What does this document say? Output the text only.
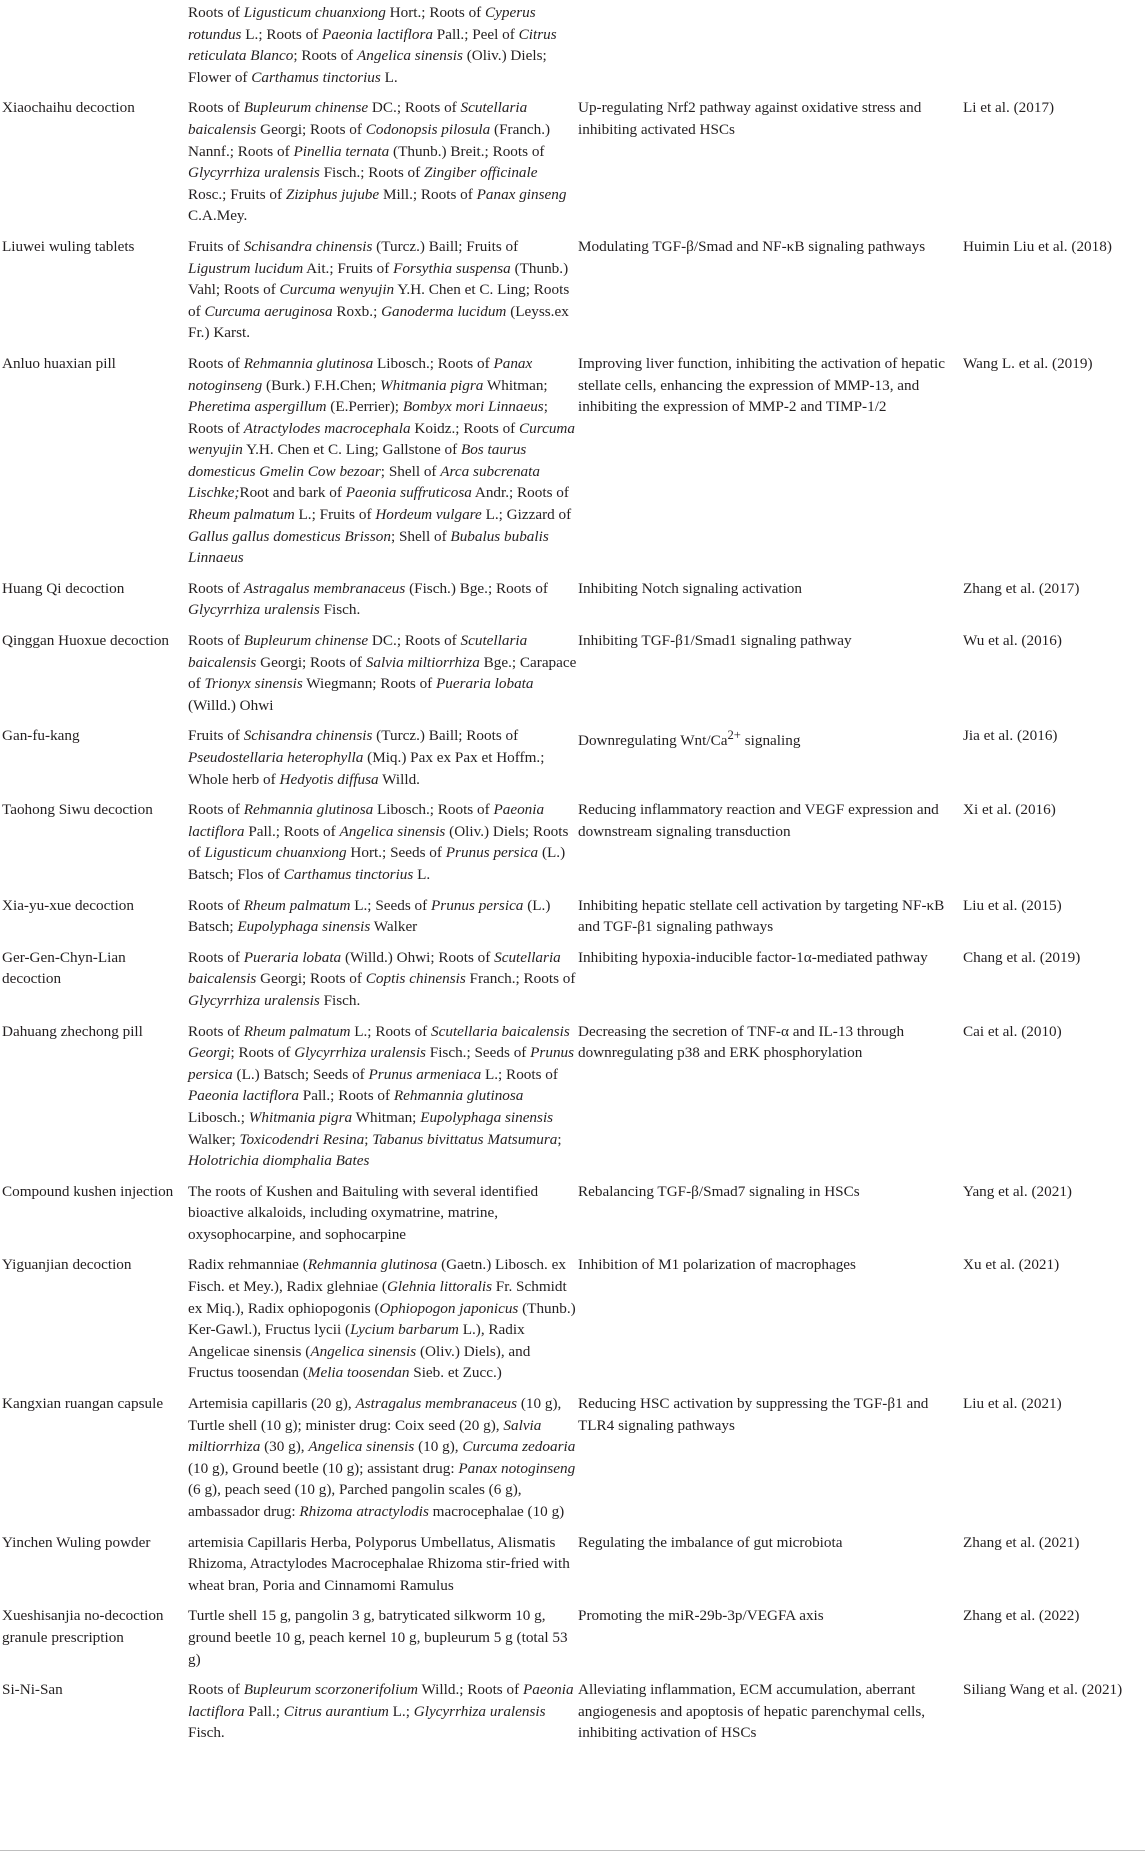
	Roots of Ligusticum chuanxiong Hort.; Roots of Cyperus rotundus L.; Roots of Paeonia lactiflora Pall.; Peel of Citrus reticulata Blanco; Roots of Angelica sinensis (Oliv.) Diels; Flower of Carthamus tinctorius L.		
Xiaochaihu decoction	Roots of Bupleurum chinense DC.; Roots of Scutellaria baicalensis Georgi; Roots of Codonopsis pilosula (Franch.) Nannf.; Roots of Pinellia ternata (Thunb.) Breit.; Roots of Glycyrrhiza uralensis Fisch.; Roots of Zingiber officinale Rosc.; Fruits of Ziziphus jujube Mill.; Roots of Panax ginseng C.A.Mey.	Up-regulating Nrf2 pathway against oxidative stress and inhibiting activated HSCs	Li et al. (2017)
Liuwei wuling tablets	Fruits of Schisandra chinensis (Turcz.) Baill; Fruits of Ligustrum lucidum Ait.; Fruits of Forsythia suspensa (Thunb.) Vahl; Roots of Curcuma wenyujin Y.H. Chen et C. Ling; Roots of Curcuma aeruginosa Roxb.; Ganoderma lucidum (Leyss.ex Fr.) Karst.	Modulating TGF-β/Smad and NF-κB signaling pathways	Huimin Liu et al. (2018)
Anluo huaxian pill	Roots of Rehmannia glutinosa Libosch.; Roots of Panax notoginseng (Burk.) F.H.Chen; Whitmania pigra Whitman; Pheretima aspergillum (E.Perrier); Bombyx mori Linnaeus; Roots of Atractylodes macrocephala Koidz.; Roots of Curcuma wenyujin Y.H. Chen et C. Ling; Gallstone of Bos taurus domesticus Gmelin Cow bezoar; Shell of Arca subcrenata Lischke;Root and bark of Paeonia suffruticosa Andr.; Roots of Rheum palmatum L.; Fruits of Hordeum vulgare L.; Gizzard of Gallus gallus domesticus Brisson; Shell of Bubalus bubalis Linnaeus	Improving liver function, inhibiting the activation of hepatic stellate cells, enhancing the expression of MMP-13, and inhibiting the expression of MMP-2 and TIMP-1/2	Wang L. et al. (2019)
Huang Qi decoction	Roots of Astragalus membranaceus (Fisch.) Bge.; Roots of Glycyrrhiza uralensis Fisch.	Inhibiting Notch signaling activation	Zhang et al. (2017)
Qinggan Huoxue decoction	Roots of Bupleurum chinense DC.; Roots of Scutellaria baicalensis Georgi; Roots of Salvia miltiorrhiza Bge.; Carapace of Trionyx sinensis Wiegmann; Roots of Pueraria lobata (Willd.) Ohwi	Inhibiting TGF-β1/Smad1 signaling pathway	Wu et al. (2016)
Gan-fu-kang	Fruits of Schisandra chinensis (Turcz.) Baill; Roots of Pseudostellaria heterophylla (Miq.) Pax ex Pax et Hoffm.; Whole herb of Hedyotis diffusa Willd.	Downregulating Wnt/$Ca^{2+}$ signaling	Jia et al. (2016)
Taohong Siwu decoction	Roots of Rehmannia glutinosa Libosch.; Roots of Paeonia lactiflora Pall.; Roots of Angelica sinensis (Oliv.) Diels; Roots of Ligusticum chuanxiong Hort.; Seeds of Prunus persica (L.) Batsch; Flos of Carthamus tinctorius L.	Reducing inflammatory reaction and VEGF expression and downstream signaling transduction	Xi et al. (2016)
Xia-yu-xue decoction	Roots of Rheum palmatum L.; Seeds of Prunus persica (L.) Batsch; Eupolyphaga sinensis Walker	Inhibiting hepatic stellate cell activation by targeting NF-κB and TGF-β1 signaling pathways	Liu et al. (2015)
Ger-Gen-Chyn-Lian decoction	Roots of Pueraria lobata (Willd.) Ohwi; Roots of Scutellaria baicalensis Georgi; Roots of Coptis chinensis Franch.; Roots of Glycyrrhiza uralensis Fisch.	Inhibiting hypoxia-inducible factor-1α-mediated pathway	Chang et al. (2019)
Dahuang zhechong pill	Roots of Rheum palmatum L.; Roots of Scutellaria baicalensis Georgi; Roots of Glycyrrhiza uralensis Fisch.; Seeds of Prunus persica (L.) Batsch; Seeds of Prunus armeniaca L.; Roots of Paeonia lactiflora Pall.; Roots of Rehmannia glutinosa Libosch.; Whitmania pigra Whitman; Eupolyphaga sinensis Walker; Toxicodendri Resina; Tabanus bivittatus Matsumura; Holotrichia diomphalia Bates	Decreasing the secretion of TNF-α and IL-13 through downregulating p38 and ERK phosphorylation	Cai et al. (2010)
Compound kushen injection	The roots of Kushen and Baituling with several identified bioactive alkaloids, including oxymatrine, matrine, oxysophocarpine, and sophocarpine	Rebalancing TGF-β/Smad7 signaling in HSCs	Yang et al. (2021)
Yiguanjian decoction	Radix rehmanniae (Rehmannia glutinosa (Gaetn.) Libosch. ex Fisch. et Mey.), Radix glehniae (Glehnia littoralis Fr. Schmidt ex Miq.), Radix ophiopogonis (Ophiopogon japonicus (Thunb.) Ker-Gawl.), Fructus lycii (Lycium barbarum L.), Radix Angelicae sinensis (Angelica sinensis (Oliv.) Diels), and Fructus toosendan (Melia toosendan Sieb. et Zucc.)	Inhibition of M1 polarization of macrophages	Xu et al. (2021)
Kangxian ruangan capsule	Artemisia capillaris (20 g), Astragalus membranaceus (10 g), Turtle shell (10 g); minister drug: Coix seed (20 g), Salvia miltiorrhiza (30 g), Angelica sinensis (10 g), Curcuma zedoaria (10 g), Ground beetle (10 g); assistant drug: Panax notoginseng (6 g), peach seed (10 g), Parched pangolin scales (6 g), ambassador drug: Rhizoma atractylodis macrocephalae (10 g)	Reducing HSC activation by suppressing the TGF-β1 and TLR4 signaling pathways	Liu et al. (2021)
Yinchen Wuling powder	artemisia Capillaris Herba, Polyporus Umbellatus, Alismatis Rhizoma, Atractylodes Macrocephalae Rhizoma stir-fried with wheat bran, Poria and Cinnamomi Ramulus	Regulating the imbalance of gut microbiota	Zhang et al. (2021)
Xueshisanjia no-decoction granule prescription	Turtle shell 15 g, pangolin 3 g, batryticated silkworm 10 g, ground beetle 10 g, peach kernel 10 g, bupleurum 5 g (total 53 g)	Promoting the miR-29b-3p/VEGFA axis	Zhang et al. (2022)
Si-Ni-San	Roots of Bupleurum scorzonerifolium Willd.; Roots of Paeonia lactiflora Pall.; Citrus aurantium L.; Glycyrrhiza uralensis Fisch.	Alleviating inflammation, ECM accumulation, aberrant angiogenesis and apoptosis of hepatic parenchymal cells, inhibiting activation of HSCs	Siliang Wang et al. (2021)
